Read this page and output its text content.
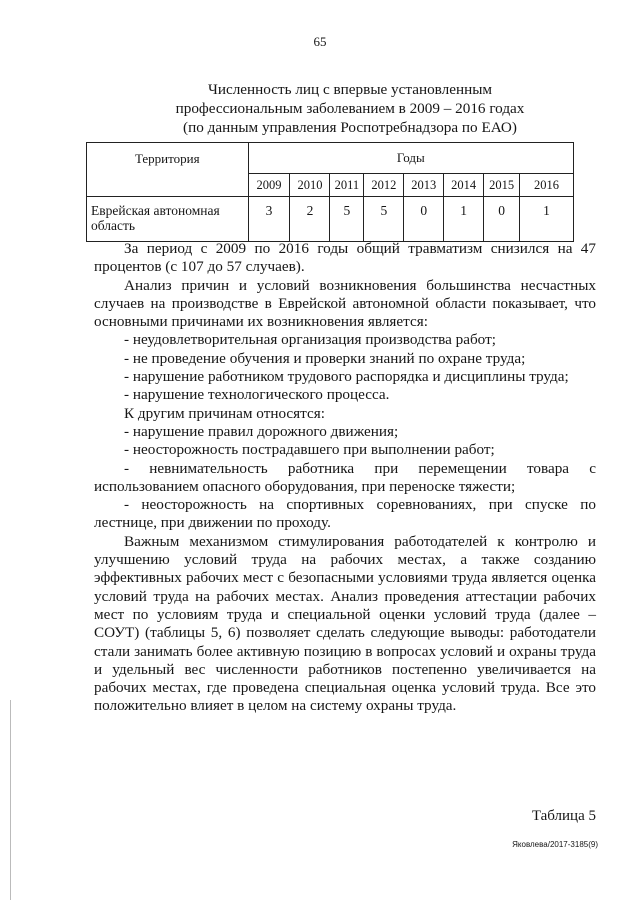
65
Численность лиц с впервые установленным
профессиональным заболеванием в 2009 – 2016 годах
(по данным управления Роспотребнадзора по ЕАО)
Территория	Годы							
	2009	2010	2011	2012	2013	2014	2015	2016
Еврейская автономная область	3	2	5	5	0	1	0	1

За период с 2009 по 2016 годы общий травматизм снизился на 47 процентов (с 107 до 57 случаев).

Анализ причин и условий возникновения большинства несчастных случаев на производстве в Еврейской автономной области показывает, что основными причинами их возникновения является:

- неудовлетворительная организация производства работ;

- не проведение обучения и проверки знаний по охране труда;

- нарушение работником трудового распорядка и дисциплины труда;

- нарушение технологического процесса.

К другим причинам относятся:

- нарушение правил дорожного движения;

- неосторожность пострадавшего при выполнении работ;

- невнимательность работника при перемещении товара с использованием опасного оборудования, при переноске тяжести;

- неосторожность на спортивных соревнованиях, при спуске по лестнице, при движении по проходу.

Важным механизмом стимулирования работодателей к контролю и улучшению условий труда на рабочих местах, а также созданию эффективных рабочих мест с безопасными условиями труда является оценка условий труда на рабочих местах. Анализ проведения аттестации рабочих мест по условиям труда и специальной оценки условий труда (далее – СОУТ) (таблицы 5, 6) позволяет сделать следующие выводы: работодатели стали занимать более активную позицию в вопросах условий и охраны труда и удельный вес численности работников постепенно увеличивается на рабочих местах, где проведена специальная оценка условий труда. Все это положительно влияет в целом на систему охраны труда.

Таблица 5
Яковлева/2017-3185(9)
